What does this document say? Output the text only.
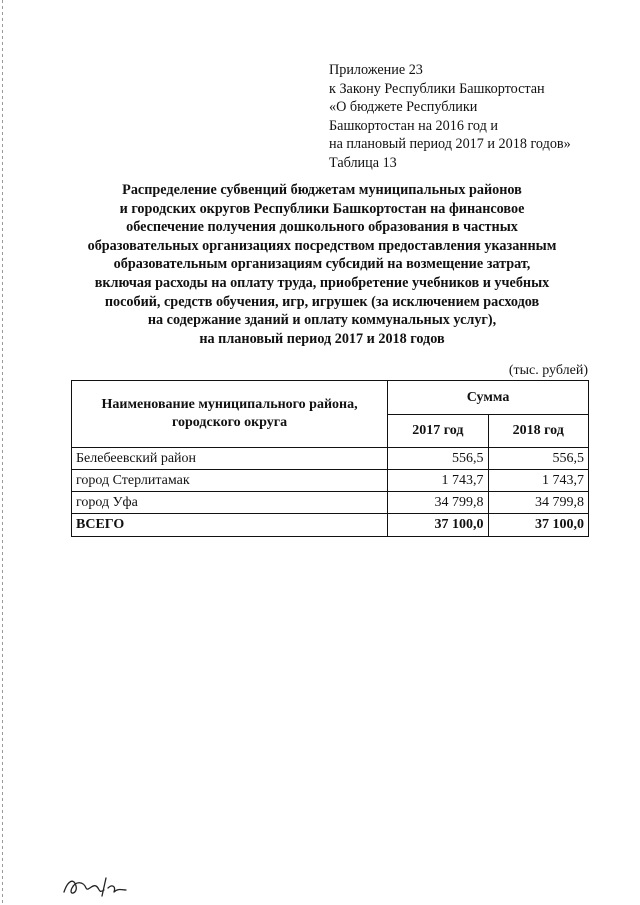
Приложение 23
к Закону Республики Башкортостан
«О бюджете Республики
Башкортостан на 2016 год и
на плановый период 2017 и 2018 годов»
Таблица 13
Распределение субвенций бюджетам муниципальных районов
и городских округов Республики Башкортостан на финансовое
обеспечение получения дошкольного образования в частных
образовательных организациях посредством предоставления указанным
образовательным организациям субсидий на возмещение затрат,
включая расходы на оплату труда, приобретение учебников и учебных
пособий, средств обучения, игр, игрушек (за исключением расходов
на содержание зданий и оплату коммунальных услуг),
на плановый период 2017 и 2018 годов
(тыс. рублей)
Наименование муниципального района, городского округа	Сумма	
	2017 год	2018 год
Белебеевский район	556,5	556,5
город Стерлитамак	1 743,7	1 743,7
город Уфа	34 799,8	34 799,8
ВСЕГО	37 100,0	37 100,0
